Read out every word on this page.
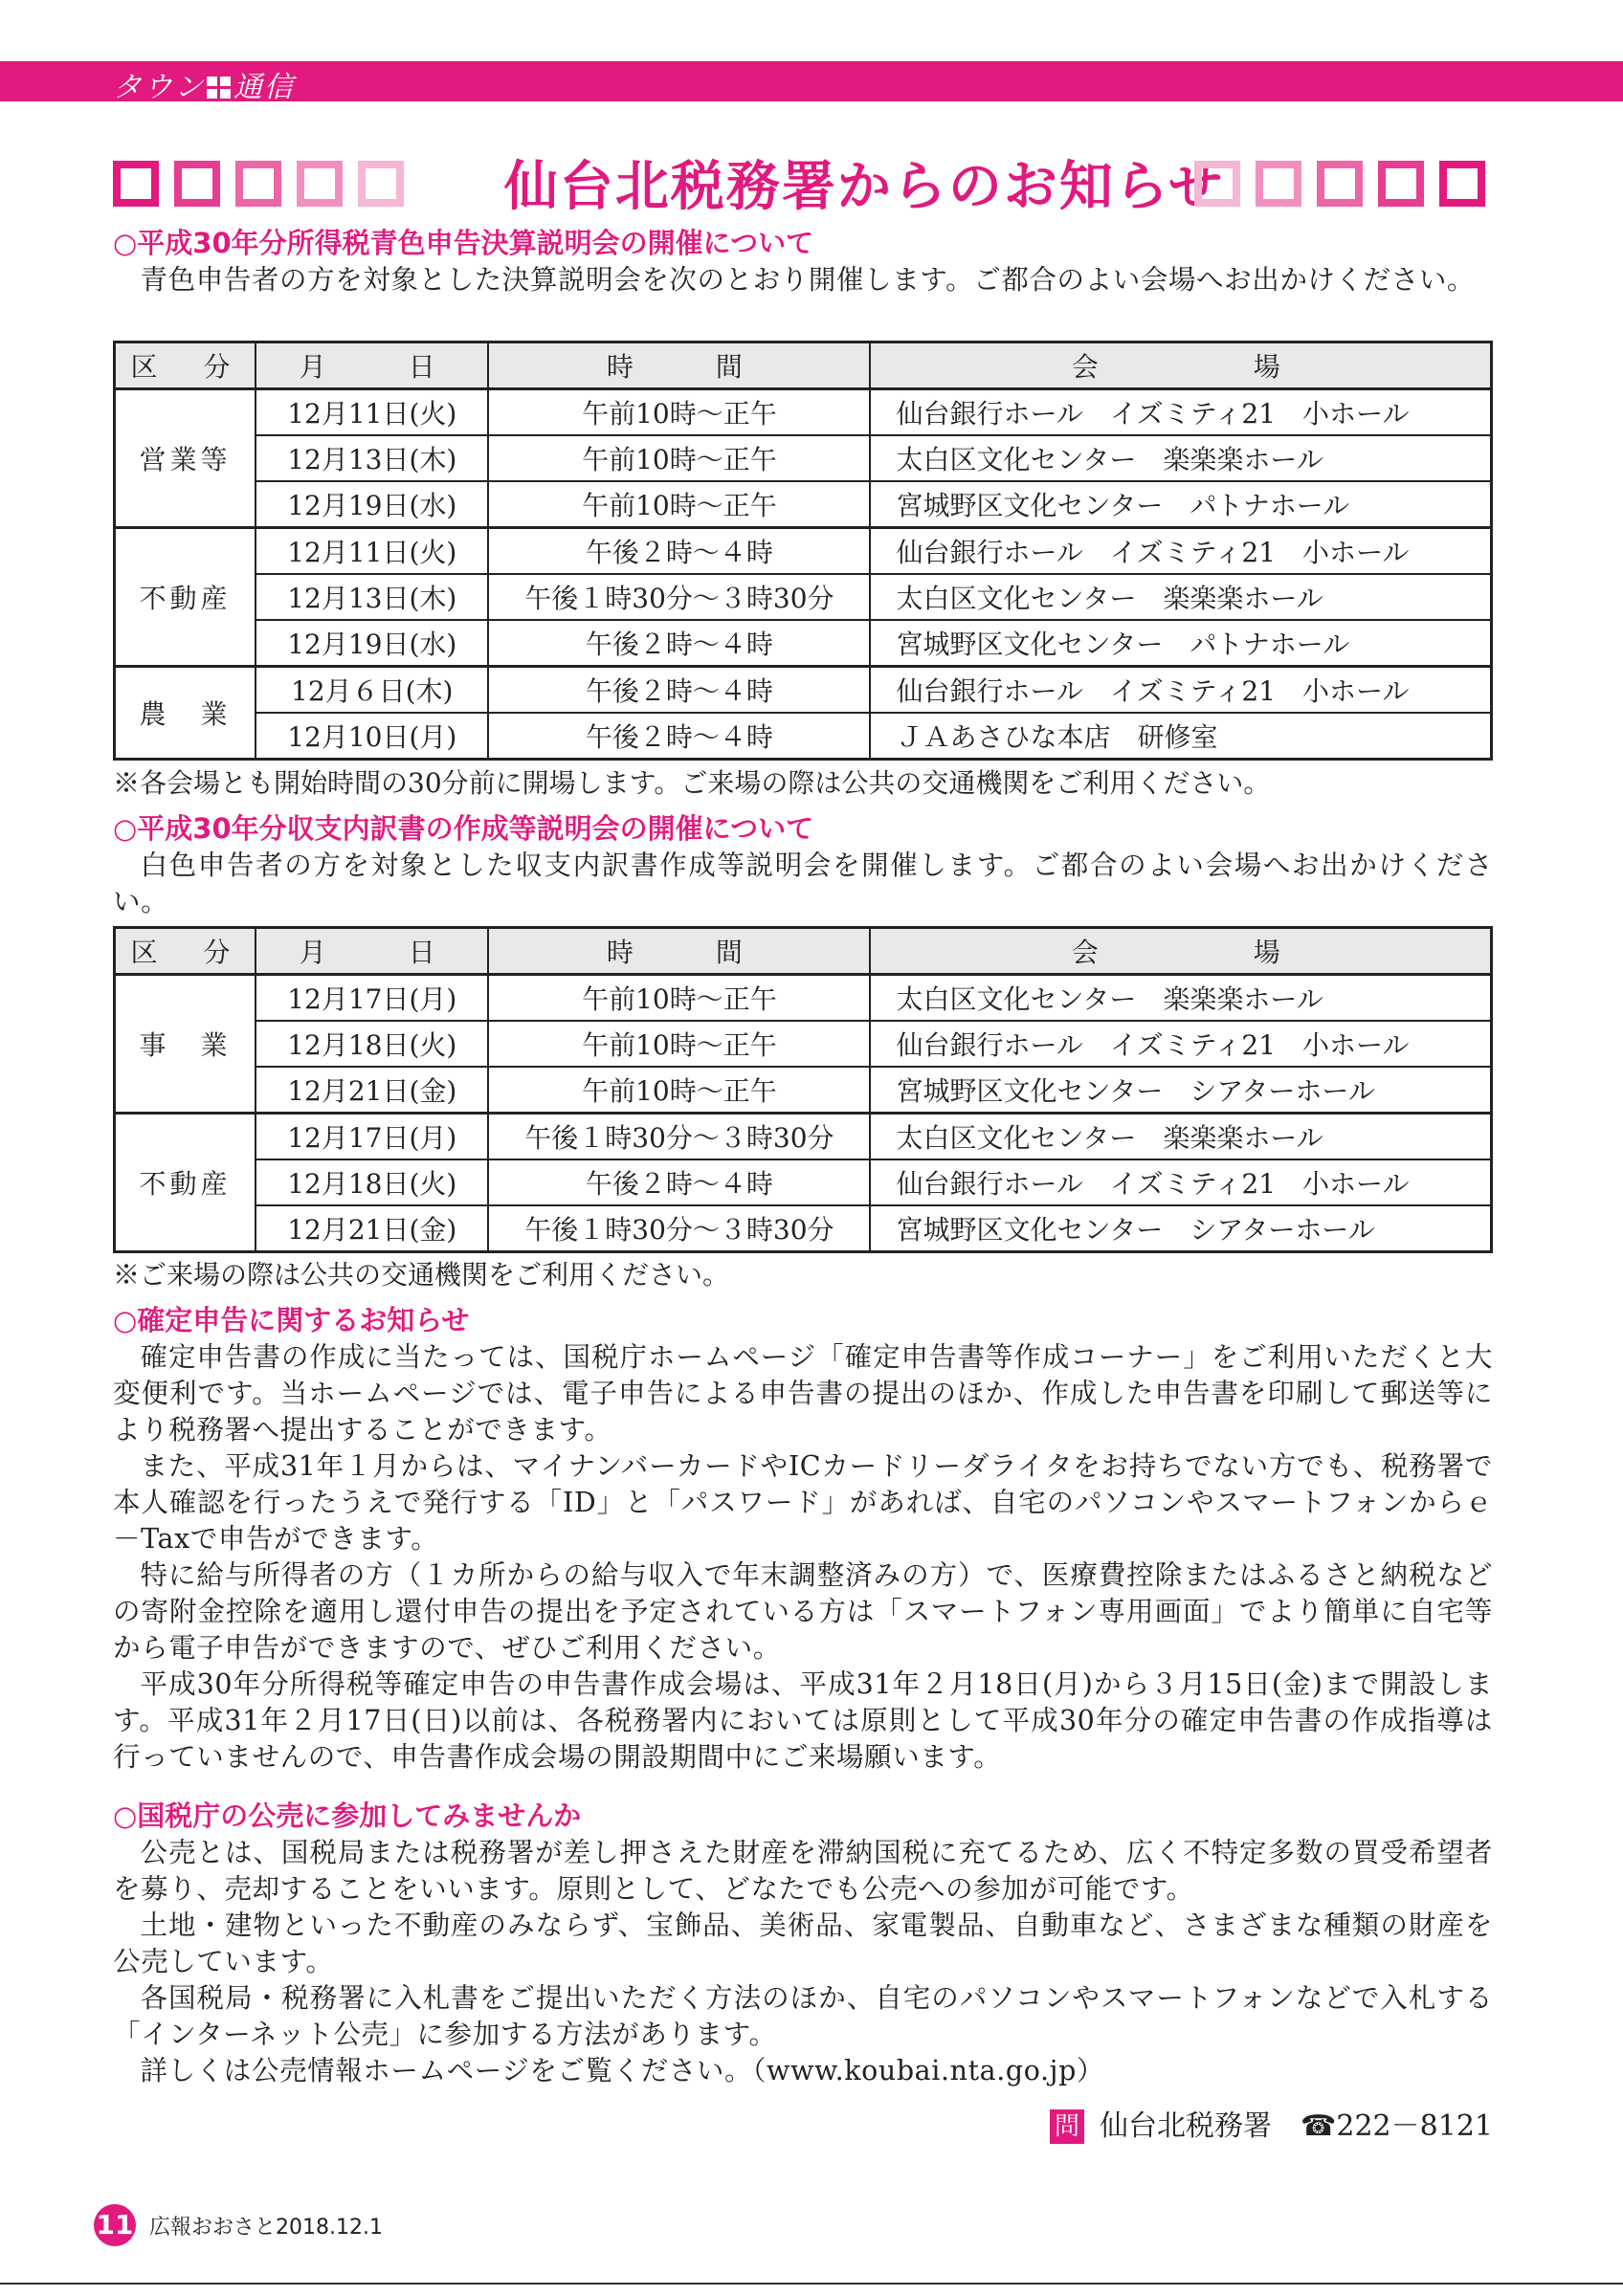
タウン 通信
仙台北税務署からのお知らせ
○平成30年分所得税青色申告決算説明会の開催について

青色申告者の方を対象とした決算説明会を次のとおり開催します。ご都合のよい会場へお出かけください。

区　分	月　　日	時　　間	会　　　　場
営業等	12月11日(火)	午前10時～正午	仙台銀行ホール　イズミティ21　小ホール
	12月13日(木)	午前10時～正午	太白区文化センター　楽楽楽ホール
	12月19日(水)	午前10時～正午	宮城野区文化センター　パトナホール
不動産	12月11日(火)	午後２時～４時	仙台銀行ホール　イズミティ21　小ホール
	12月13日(木)	午後１時30分～３時30分	太白区文化センター　楽楽楽ホール
	12月19日(水)	午後２時～４時	宮城野区文化センター　パトナホール
農　業	12月６日(木)	午後２時～４時	仙台銀行ホール　イズミティ21　小ホール
	12月10日(月)	午後２時～４時	ＪＡあさひな本店　研修室
※各会場とも開始時間の30分前に開場します。ご来場の際は公共の交通機関をご利用ください。
○平成30年分収支内訳書の作成等説明会の開催について

白色申告者の方を対象とした収支内訳書作成等説明会を開催します。ご都合のよい会場へお出かけください。

区　分	月　　日	時　　間	会　　　　場
事　業	12月17日(月)	午前10時～正午	太白区文化センター　楽楽楽ホール
	12月18日(火)	午前10時～正午	仙台銀行ホール　イズミティ21　小ホール
	12月21日(金)	午前10時～正午	宮城野区文化センター　シアターホール
不動産	12月17日(月)	午後１時30分～３時30分	太白区文化センター　楽楽楽ホール
	12月18日(火)	午後２時～４時	仙台銀行ホール　イズミティ21　小ホール
	12月21日(金)	午後１時30分～３時30分	宮城野区文化センター　シアターホール
※ご来場の際は公共の交通機関をご利用ください。
○確定申告に関するお知らせ

確定申告書の作成に当たっては、国税庁ホームページ「確定申告書等作成コーナー」をご利用いただくと大変便利です。当ホームページでは、電子申告による申告書の提出のほか、作成した申告書を印刷して郵送等により税務署へ提出することができます。

また、平成31年１月からは、マイナンバーカードやICカードリーダライタをお持ちでない方でも、税務署で本人確認を行ったうえで発行する「ID」と「パスワード」があれば、自宅のパソコンやスマートフォンからｅ－Taxで申告ができます。

特に給与所得者の方（１カ所からの給与収入で年末調整済みの方）で、医療費控除またはふるさと納税などの寄附金控除を適用し還付申告の提出を予定されている方は「スマートフォン専用画面」でより簡単に自宅等から電子申告ができますので、ぜひご利用ください。

平成30年分所得税等確定申告の申告書作成会場は、平成31年２月18日(月)から３月15日(金)まで開設します。平成31年２月17日(日)以前は、各税務署内においては原則として平成30年分の確定申告書の作成指導は行っていませんので、申告書作成会場の開設期間中にご来場願います。

○国税庁の公売に参加してみませんか

公売とは、国税局または税務署が差し押さえた財産を滞納国税に充てるため、広く不特定多数の買受希望者を募り、売却することをいいます。原則として、どなたでも公売への参加が可能です。

土地・建物といった不動産のみならず、宝飾品、美術品、家電製品、自動車など、さまざまな種類の財産を公売しています。

各国税局・税務署に入札書をご提出いただく方法のほか、自宅のパソコンやスマートフォンなどで入札する「インターネット公売」に参加する方法があります。

詳しくは公売情報ホームページをご覧ください。（www.koubai.nta.go.jp）

問 仙台北税務署 ☎222－8121
11 広報おおさと2018.12.1
